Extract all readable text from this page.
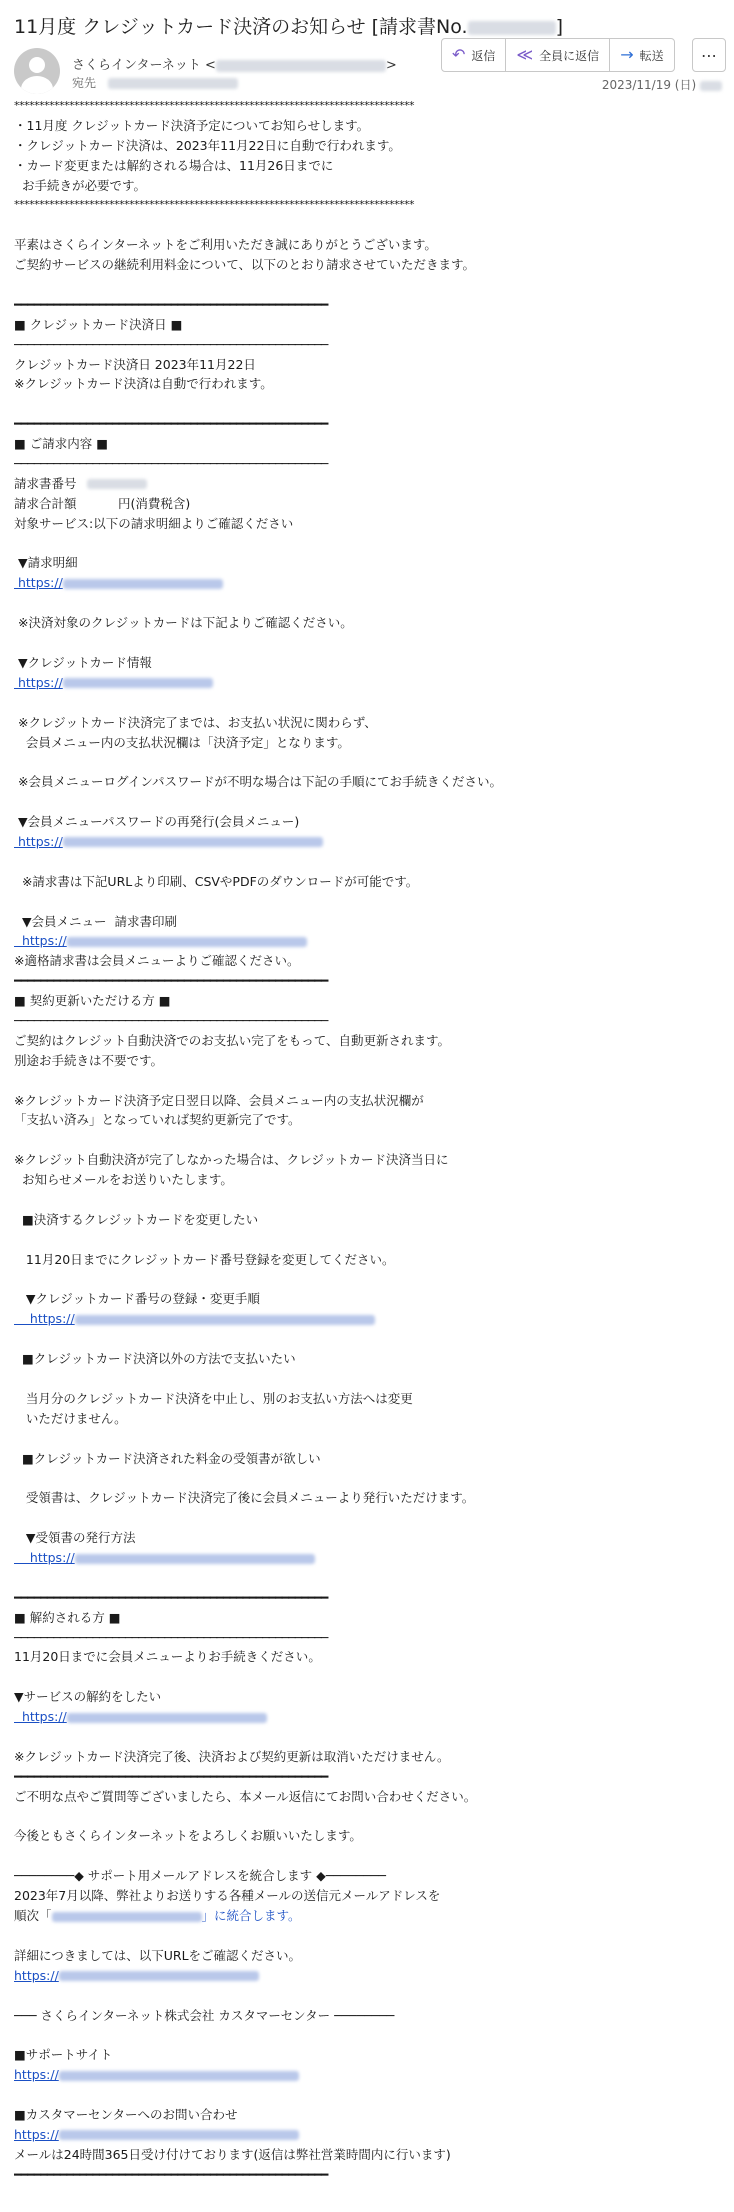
11月度 クレジットカード決済のお知らせ [請求書No.	]
さくらインターネット <	>
宛先
↶ 返信 ≪ 全員に返信 → 転送 ⋯
2023/11/19 (日)
********************************************************************************
・11月度 クレジットカード決済予定についてお知らせします。
・クレジットカード決済は、2023年11月22日に自動で行われます。
・カード変更または解約される場合は、11月26日までに
お手続きが必要です。
********************************************************************************
平素はさくらインターネットをご利用いただき誠にありがとうございます。
ご契約サービスの継続利用料金について、以下のとおり請求させていただきます。
━━━━━━━━━━━━━━━━━━━━━━━━━━━━━━━━━━━━━━━━━━━━━━━━
■ クレジットカード決済日 ■
────────────────────────────────────────────────
クレジットカード決済日 2023年11月22日
※クレジットカード決済は自動で行われます。
━━━━━━━━━━━━━━━━━━━━━━━━━━━━━━━━━━━━━━━━━━━━━━━━
■ ご請求内容 ■
────────────────────────────────────────────────
請求書番号
請求合計額 　　　円(消費税含)
対象サービス:以下の請求明細よりご確認ください
▼請求明細
https://
※決済対象のクレジットカードは下記よりご確認ください。
▼クレジットカード情報
https://
※クレジットカード決済完了までは、お支払い状況に関わらず、
会員メニュー内の支払状況欄は「決済予定」となります。
※会員メニューログインパスワードが不明な場合は下記の手順にてお手続きください。
▼会員メニューパスワードの再発行(会員メニュー)
https://
※請求書は下記URLより印刷、CSVやPDFのダウンロードが可能です。
▼会員メニュー  請求書印刷
https://
※適格請求書は会員メニューよりご確認ください。
━━━━━━━━━━━━━━━━━━━━━━━━━━━━━━━━━━━━━━━━━━━━━━━━
■ 契約更新いただける方 ■
────────────────────────────────────────────────
ご契約はクレジット自動決済でのお支払い完了をもって、自動更新されます。
別途お手続きは不要です。
※クレジットカード決済予定日翌日以降、会員メニュー内の支払状況欄が
「支払い済み」となっていれば契約更新完了です。
※クレジット自動決済が完了しなかった場合は、クレジットカード決済当日に
お知らせメールをお送りいたします。
■決済するクレジットカードを変更したい
11月20日までにクレジットカード番号登録を変更してください。
▼クレジットカード番号の登録・変更手順
https://
■クレジットカード決済以外の方法で支払いたい
当月分のクレジットカード決済を中止し、別のお支払い方法へは変更
いただけません。
■クレジットカード決済された料金の受領書が欲しい
受領書は、クレジットカード決済完了後に会員メニューより発行いただけます。
▼受領書の発行方法
https://
━━━━━━━━━━━━━━━━━━━━━━━━━━━━━━━━━━━━━━━━━━━━━━━━
■ 解約される方 ■
────────────────────────────────────────────────
11月20日までに会員メニューよりお手続きください。
▼サービスの解約をしたい
https://
※クレジットカード決済完了後、決済および契約更新は取消いただけません。
━━━━━━━━━━━━━━━━━━━━━━━━━━━━━━━━━━━━━━━━━━━━━━━━
ご不明な点やご質問等ございましたら、本メール返信にてお問い合わせください。
今後ともさくらインターネットをよろしくお願いいたします。
────────◆ サポート用メールアドレスを統合します ◆────────
2023年7月以降、弊社よりお送りする各種メールの送信元メールアドレスを
順次「	」に統合します。
詳細につきましては、以下URLをご確認ください。
https://
─── さくらインターネット株式会社 カスタマーセンター ────────
■サポートサイト
https://
■カスタマーセンターへのお問い合わせ
https://
メールは24時間365日受け付けております(返信は弊社営業時間内に行います)
━━━━━━━━━━━━━━━━━━━━━━━━━━━━━━━━━━━━━━━━━━━━━━━━
